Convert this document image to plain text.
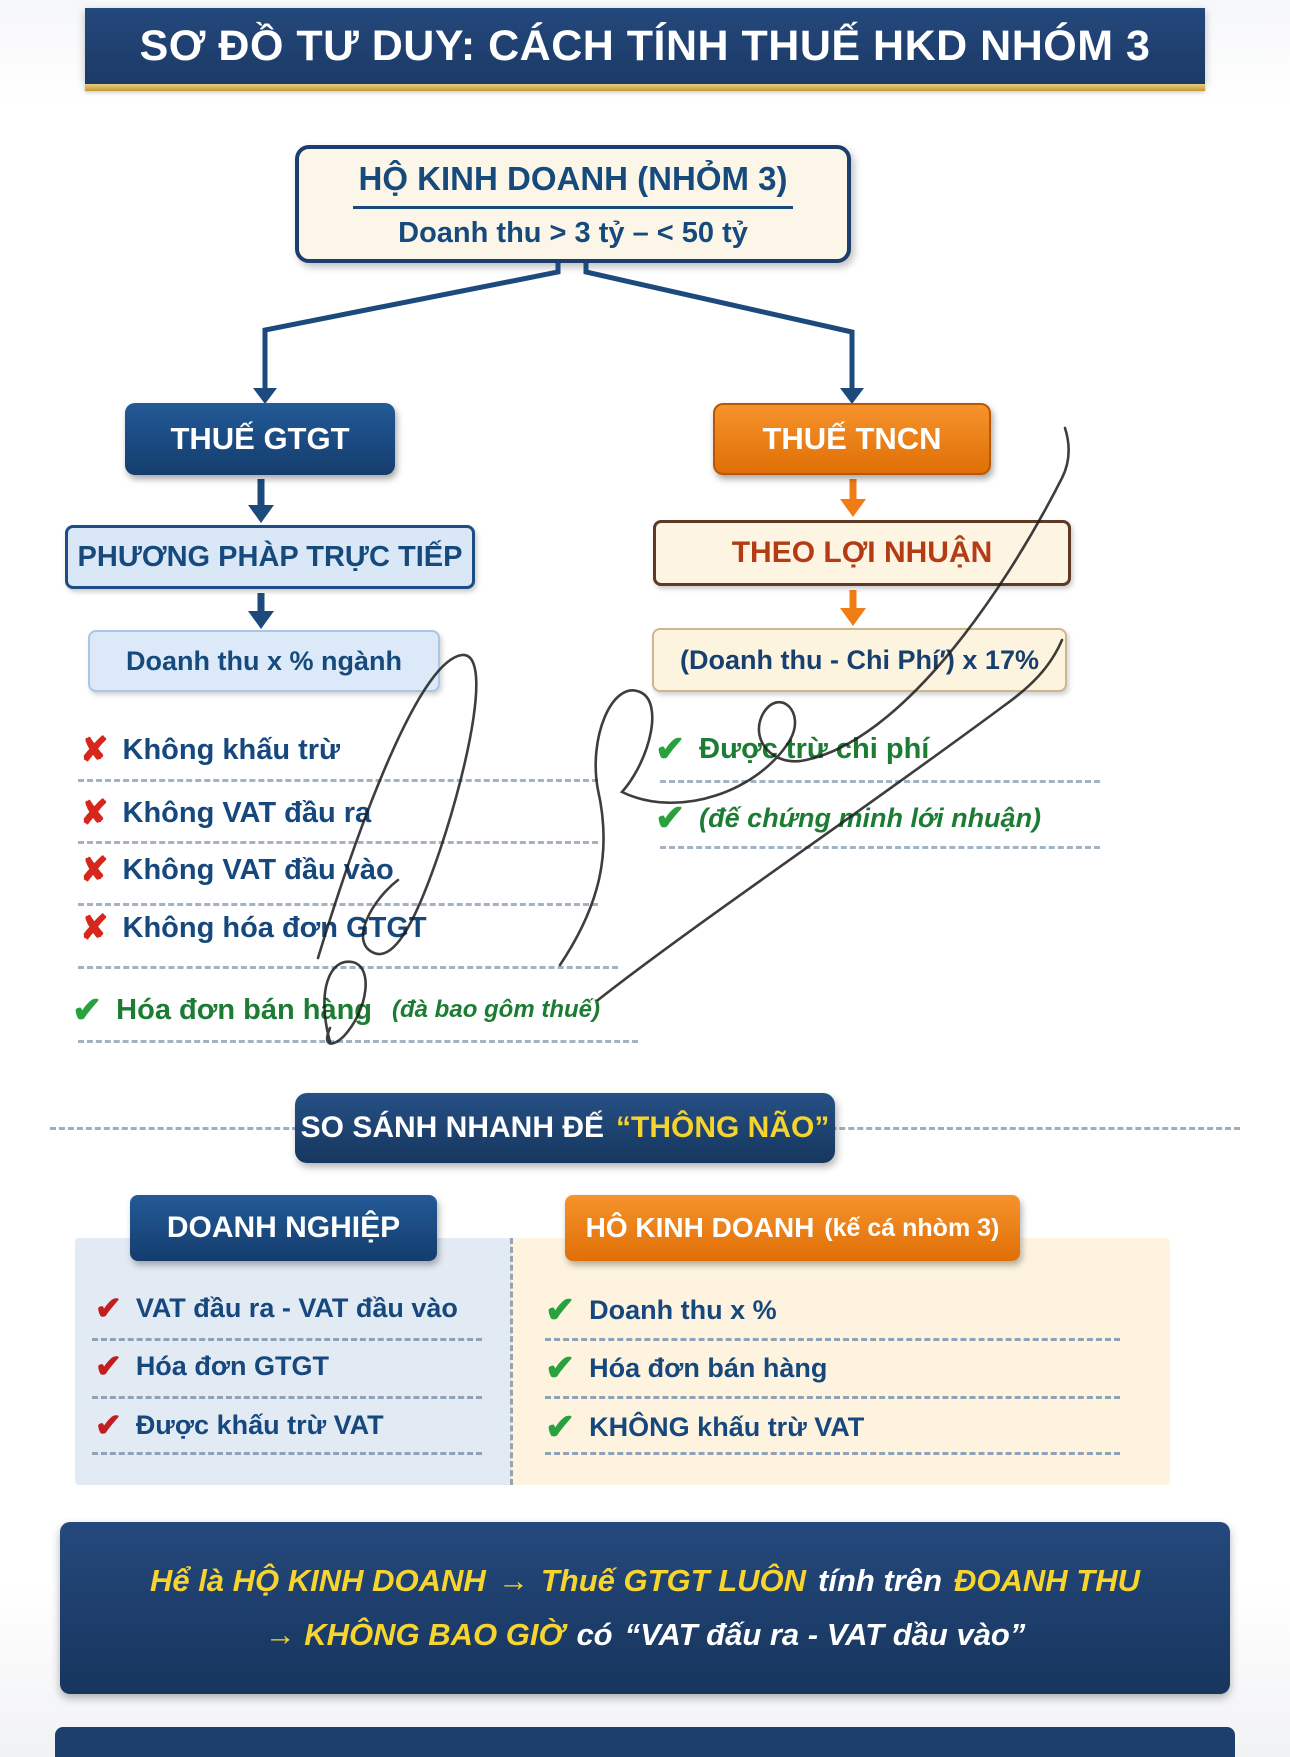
SƠ ĐỒ TƯ DUY: CÁCH TÍNH THUẾ HKD NHÓM 3
HỘ KINH DOANH (NHỎM 3)
Doanh thu > 3 tỷ – < 50 tỷ
THUẾ GTGT	THUẾ TNCN
PHƯƠNG PHÀP TRỰC TIẾP	THEO LỢI NHUẬN
Doanh thu x % ngành	(Doanh thu - Chi Phí′) x 17%
✘ Không khấu trừ
✘ Không VAT đầu ra
✘ Không VAT đầu vào
✘ Không hóa đơn GTGT
✔ Hóa đơn bán hàng (đà bao gôm thuế)
✔ Được trừ chi phí
✔ (đế chứng minh lới nhuận)
SO SÁNH NHANH ĐẾ “THÔNG NÃO”
DOANH NGHIỆP	HÔ KINH DOANH (kế cá nhòm 3)
✔ VAT đầu ra - VAT đầu vào
✔ Hóa đơn GTGT
✔ Được khấu trừ VAT
✔ Doanh thu x %
✔ Hóa đơn bán hàng
✔ KHÔNG khấu trừ VAT
Hể là HỘ KINH DOANH → Thuế GTGT LUÔN tính trên ĐOANH THU
→ KHÔNG BAO GIỜ có “VAT đấu ra - VAT dầu vào”
